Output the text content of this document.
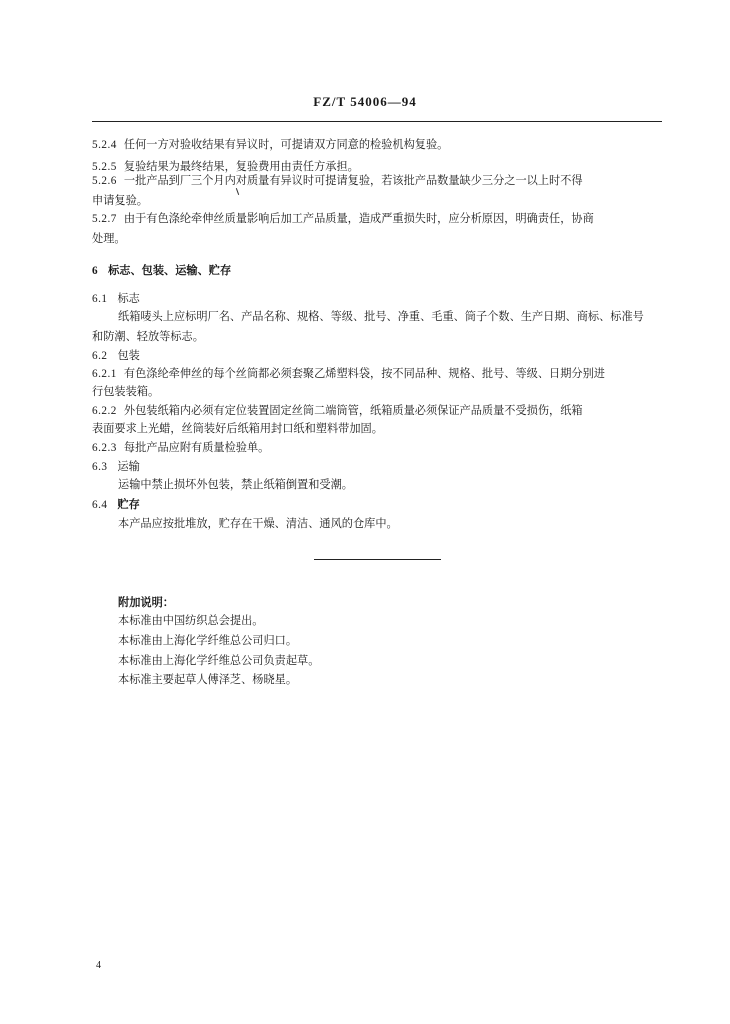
FZ/T 54006—94
5.2.4 任何一方对验收结果有异议时，可提请双方同意的检验机构复验。
5.2.5 复验结果为最终结果，复验费用由责任方承担。
5.2.6 一批产品到厂三个月内对质量有异议时可提请复验，若该批产品数量缺少三分之一以上时不得
申请复验。
5.2.7 由于有色涤纶牵伸丝质量影响后加工产品质量，造成严重损失时，应分析原因，明确责任，协商
处理。
6 标志、包装、运输、贮存
6.1 标志
纸箱唛头上应标明厂名、产品名称、规格、等级、批号、净重、毛重、筒子个数、生产日期、商标、标准号
和防潮、轻放等标志。
6.2 包装
6.2.1 有色涤纶牵伸丝的每个丝筒都必须套聚乙烯塑料袋，按不同品种、规格、批号、等级、日期分别进
行包装装箱。
6.2.2 外包装纸箱内必须有定位装置固定丝筒二端筒管，纸箱质量必须保证产品质量不受损伤，纸箱
表面要求上光蜡，丝筒装好后纸箱用封口纸和塑料带加固。
6.2.3 每批产品应附有质量检验单。
6.3 运输
运输中禁止损坏外包装，禁止纸箱倒置和受潮。
6.4 贮存
本产品应按批堆放，贮存在干燥、清洁、通风的仓库中。
附加说明：
本标准由中国纺织总会提出。
本标准由上海化学纤维总公司归口。
本标准由上海化学纤维总公司负责起草。
本标准主要起草人傅泽芝、杨晓星。
4
